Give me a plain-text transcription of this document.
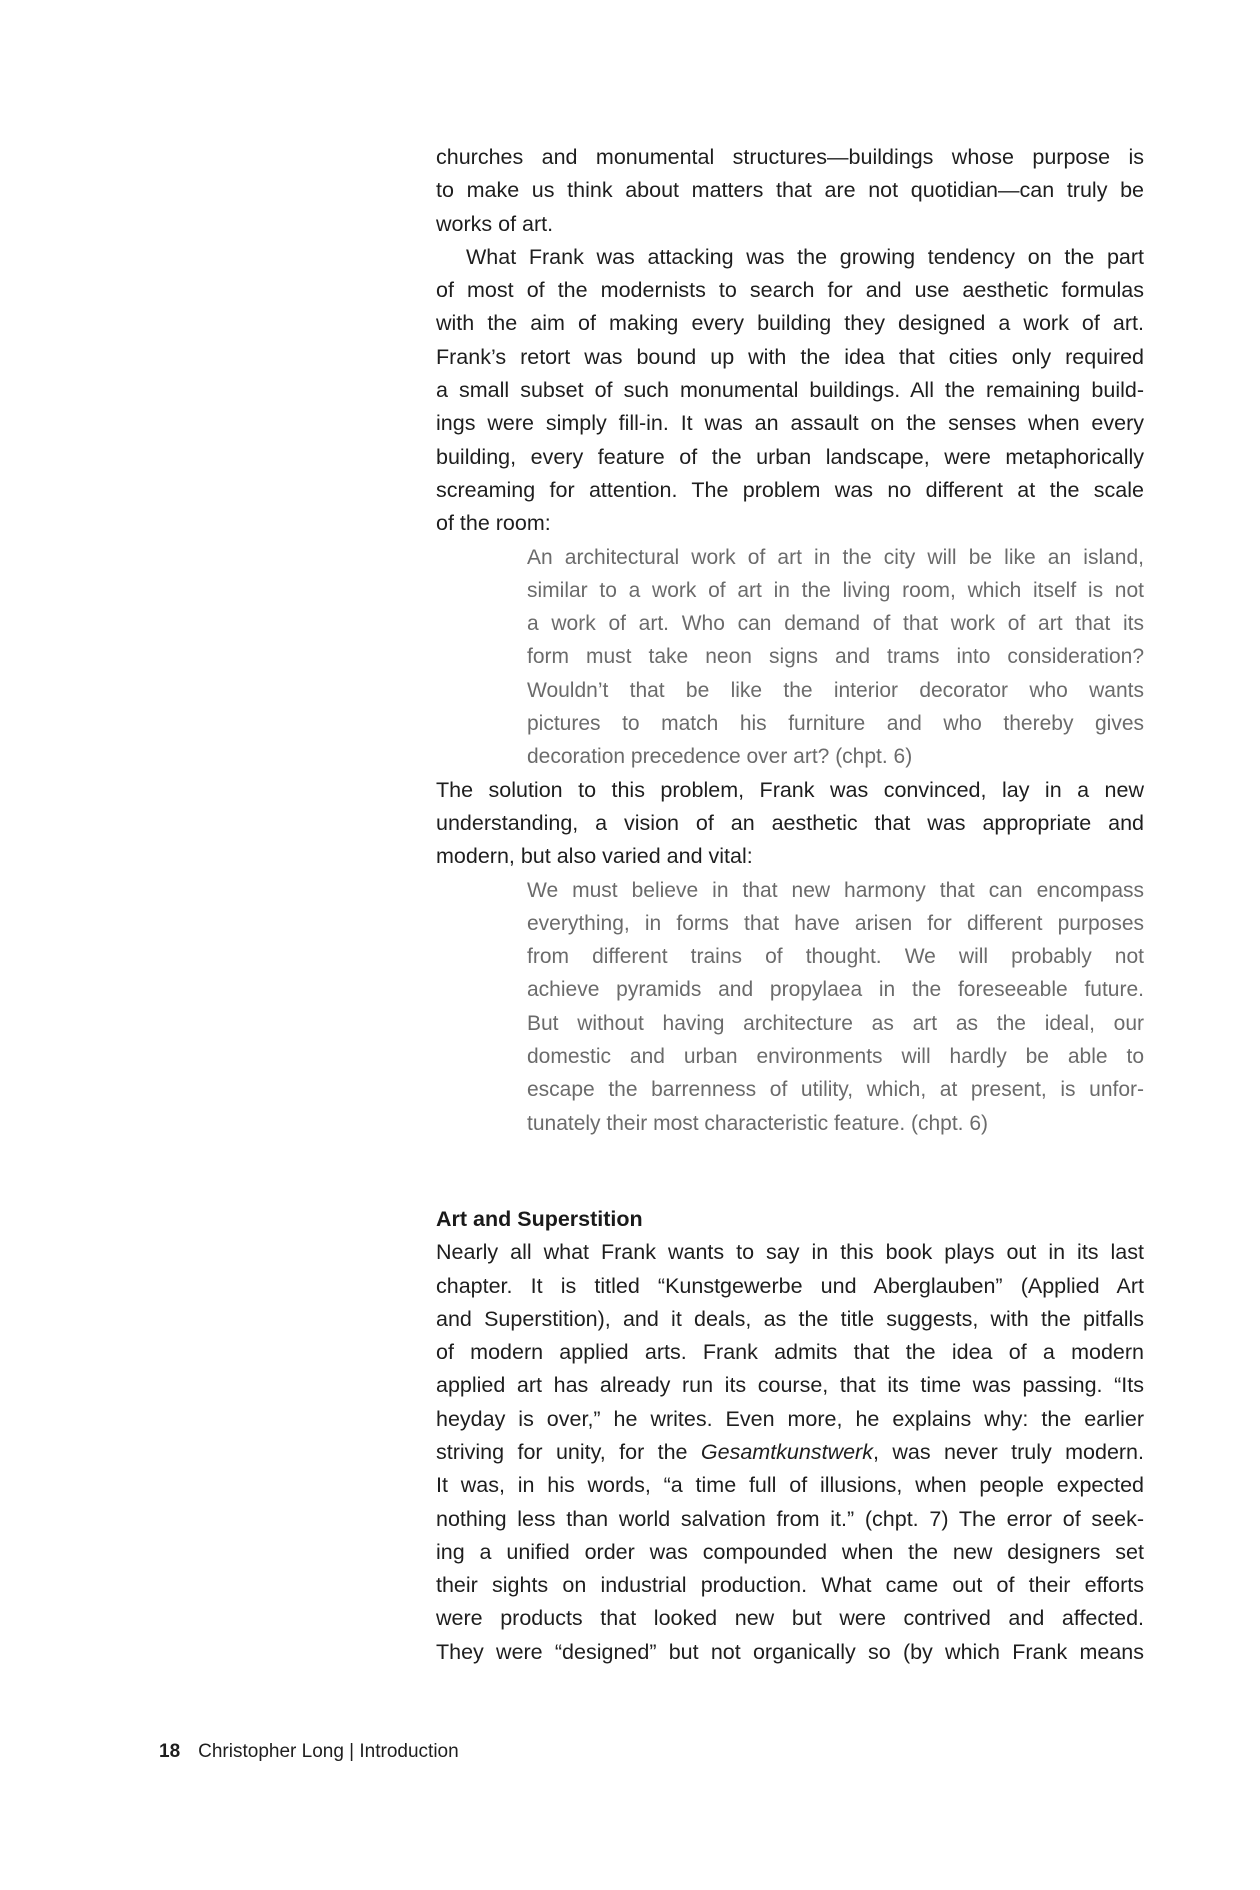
churches and monumental structures—buildings whose purpose is
to make us think about matters that are not quotidian—can truly be
works of art.
What Frank was attacking was the growing tendency on the part
of most of the modernists to search for and use aesthetic formulas
with the aim of making every building they designed a work of art.
Frank’s retort was bound up with the idea that cities only required
a small subset of such monumental buildings. All the remaining build-
ings were simply fill-in. It was an assault on the senses when every
building, every feature of the urban landscape, were metaphorically
screaming for attention. The problem was no different at the scale
of the room:
An architectural work of art in the city will be like an island,
similar to a work of art in the living room, which itself is not
a work of art. Who can demand of that work of art that its
form must take neon signs and trams into consideration?
Wouldn’t that be like the interior decorator who wants
pictures to match his furniture and who thereby gives
decoration precedence over art? (chpt. 6)
The solution to this problem, Frank was convinced, lay in a new
understanding, a vision of an aesthetic that was appropriate and
modern, but also varied and vital:
We must believe in that new harmony that can encompass
everything, in forms that have arisen for different purposes
from different trains of thought. We will probably not
achieve pyramids and propylaea in the foreseeable future.
But without having architecture as art as the ideal, our
domestic and urban environments will hardly be able to
escape the barrenness of utility, which, at present, is unfor-
tunately their most characteristic feature. (chpt. 6)
Art and Superstition
Nearly all what Frank wants to say in this book plays out in its last
chapter. It is titled “Kunstgewerbe und Aberglauben” (Applied Art
and Superstition), and it deals, as the title suggests, with the pitfalls
of modern applied arts. Frank admits that the idea of a modern
applied art has already run its course, that its time was passing. “Its
heyday is over,” he writes. Even more, he explains why: the earlier
striving for unity, for the Gesamtkunstwerk, was never truly modern.
It was, in his words, “a time full of illusions, when people expected
nothing less than world salvation from it.” (chpt. 7) The error of seek-
ing a unified order was compounded when the new designers set
their sights on industrial production. What came out of their efforts
were products that looked new but were contrived and affected.
They were “designed” but not organically so (by which Frank means
18 Christopher Long | Introduction
